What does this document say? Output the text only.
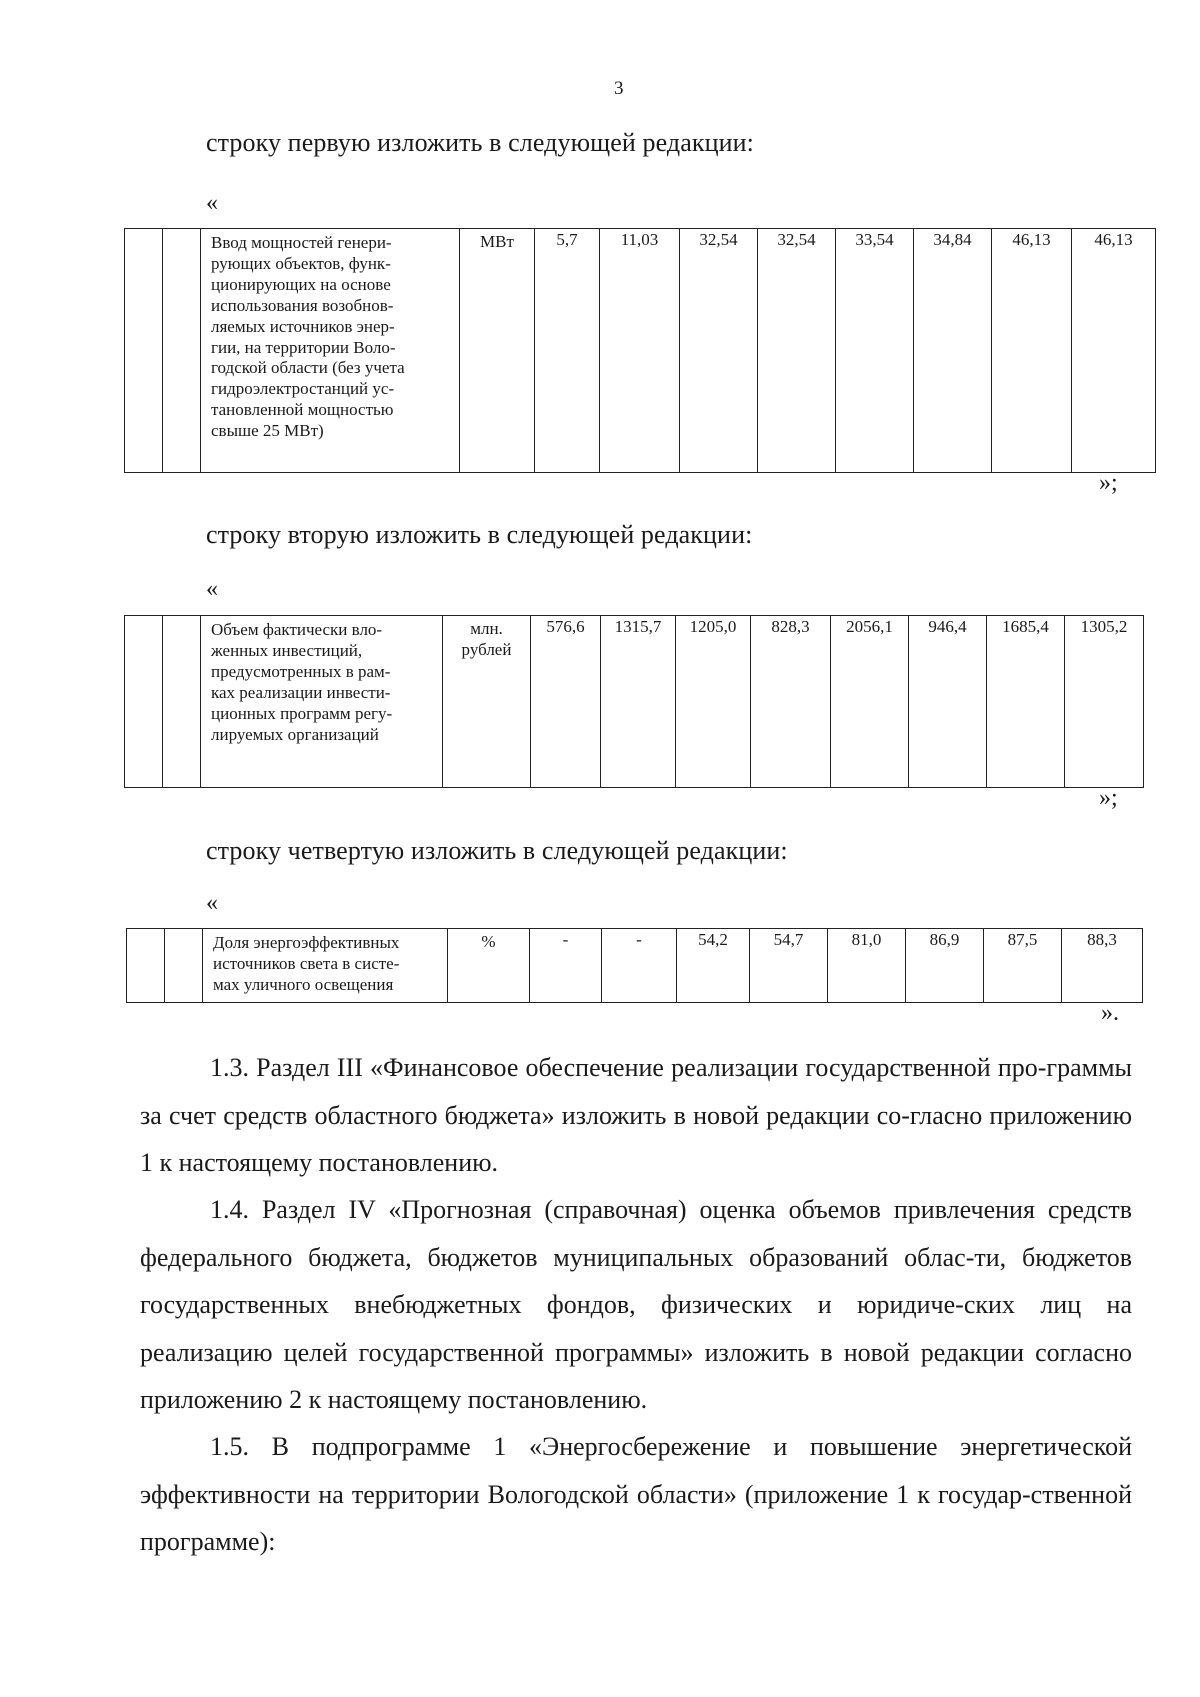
3
строку первую изложить в следующей редакции:
«

Ввод мощностей генери-
рующих объектов, функ-
ционирующих на основе
использования возобнов-
ляемых источников энер-
гии, на территории Воло-
годской области (без учета
гидроэлектростанций ус-
тановленной мощностью
свыше 25 МВт)
	МВт	5,7	11,03	32,54	32,54	33,54	34,84	46,13	46,13
»;
строку вторую изложить в следующей редакции:
«

Объем фактически вло-
женных инвестиций,
предусмотренных в рам-
ках реализации инвести-
ционных программ регу-
лируемых организаций

млн.
рублей
	576,6	1315,7	1205,0	828,3	2056,1	946,4	1685,4	1305,2
»;
строку четвертую изложить в следующей редакции:
«

Доля энергоэффективных
источников света в систе-
мах уличного освещения
	%	-	-	54,2	54,7	81,0	86,9	87,5	88,3
».
1.3. Раздел III «Финансовое обеспечение реализации государственной про-граммы за счет средств областного бюджета» изложить в новой редакции со-гласно приложению 1 к настоящему постановлению.
1.4. Раздел IV «Прогнозная (справочная) оценка объемов привлечения средств федерального бюджета, бюджетов муниципальных образований облас-ти, бюджетов государственных внебюджетных фондов, физических и юридиче-ских лиц на реализацию целей государственной программы» изложить в новой редакции согласно приложению 2 к настоящему постановлению.
1.5. В подпрограмме 1 «Энергосбережение и повышение энергетической эффективности на территории Вологодской области» (приложение 1 к государ-ственной программе):
